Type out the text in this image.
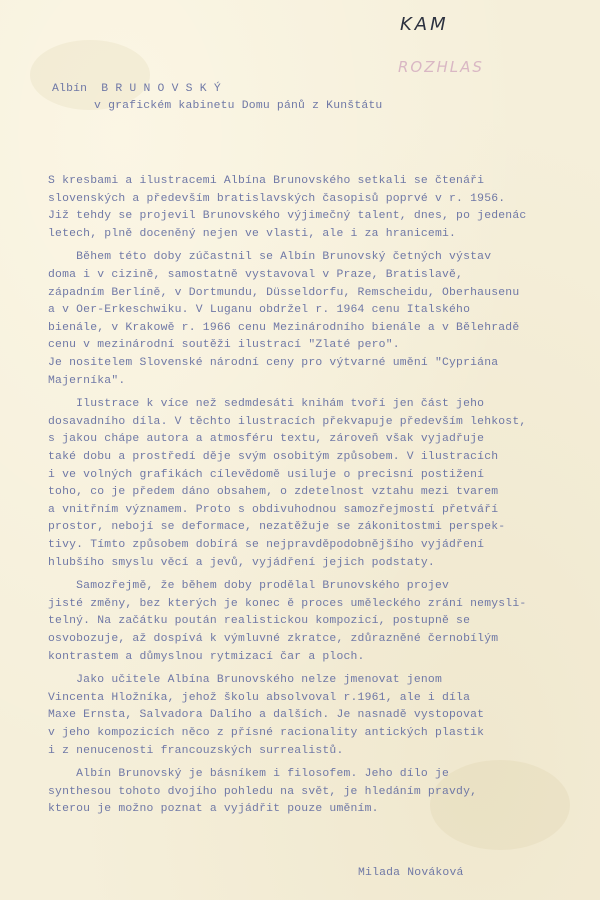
KAM
ROZHLAS
Albín  B R U N O V S K Ý
v grafickém kabinetu Domu pánů z Kunštátu
S kresbami a ilustracemi Albína Brunovského setkali se čtenáři
slovenských a především bratislavských časopisů poprvé v r. 1956.
Již tehdy se projevil Brunovského výjimečný talent, dnes, po jedenác
letech, plně doceněný nejen ve vlasti, ale i za hranicemi.
Během této doby zúčastnil se Albín Brunovský četných výstav
doma i v cizině, samostatně vystavoval v Praze, Bratislavě,
západním Berlíně, v Dortmundu, Düsseldorfu, Remscheidu, Oberhausenu
a v Oer-Erkeschwiku. V Luganu obdržel r. 1964 cenu Italského
bienále, v Krakowě r. 1966 cenu Mezinárodního bienále a v Bělehradě
cenu v mezinárodní soutěži ilustrací "Zlaté pero".
Je nositelem Slovenské národní ceny pro výtvarné umění "Cypriána
Majerníka".
Ilustrace k více než sedmdesáti knihám tvoří jen část jeho
dosavadního díla. V těchto ilustracích překvapuje především lehkost,
s jakou chápe autora a atmosféru textu, zároveň však vyjadřuje
také dobu a prostředí děje svým osobitým způsobem. V ilustracích
i ve volných grafikách cílevědomě usiluje o precisní postižení
toho, co je předem dáno obsahem, o zdetelnost vztahu mezi tvarem
a vnitřním významem. Proto s obdivuhodnou samozřejmostí přetváří
prostor, nebojí se deformace, nezatěžuje se zákonitostmi perspek-
tivy. Tímto způsobem dobírá se nejpravděpodobnějšího vyjádření
hlubšího smyslu věcí a jevů, vyjádření jejich podstaty.
Samozřejmě, že během doby prodělal Brunovského projev
jisté změny, bez kterých je konec ě proces uměleckého zrání nemysli-
telný. Na začátku poután realistickou kompozicí, postupně se
osvobozuje, až dospívá k výmluvné zkratce, zdůrazněné černobílým
kontrastem a důmyslnou rytmizací čar a ploch.
Jako učitele Albína Brunovského nelze jmenovat jenom
Vincenta Hložníka, jehož školu absolvoval r.1961, ale i díla
Maxe Ernsta, Salvadora Dalího a dalších. Je nasnadě vystopovat
v jeho kompozicích něco z přísné racionality antických plastik
i z nenucenosti francouzských surrealistů.
Albín Brunovský je básníkem i filosofem. Jeho dílo je
synthesou tohoto dvojího pohledu na svět, je hledáním pravdy,
kterou je možno poznat a vyjádřit pouze uměním.
Milada Nováková
